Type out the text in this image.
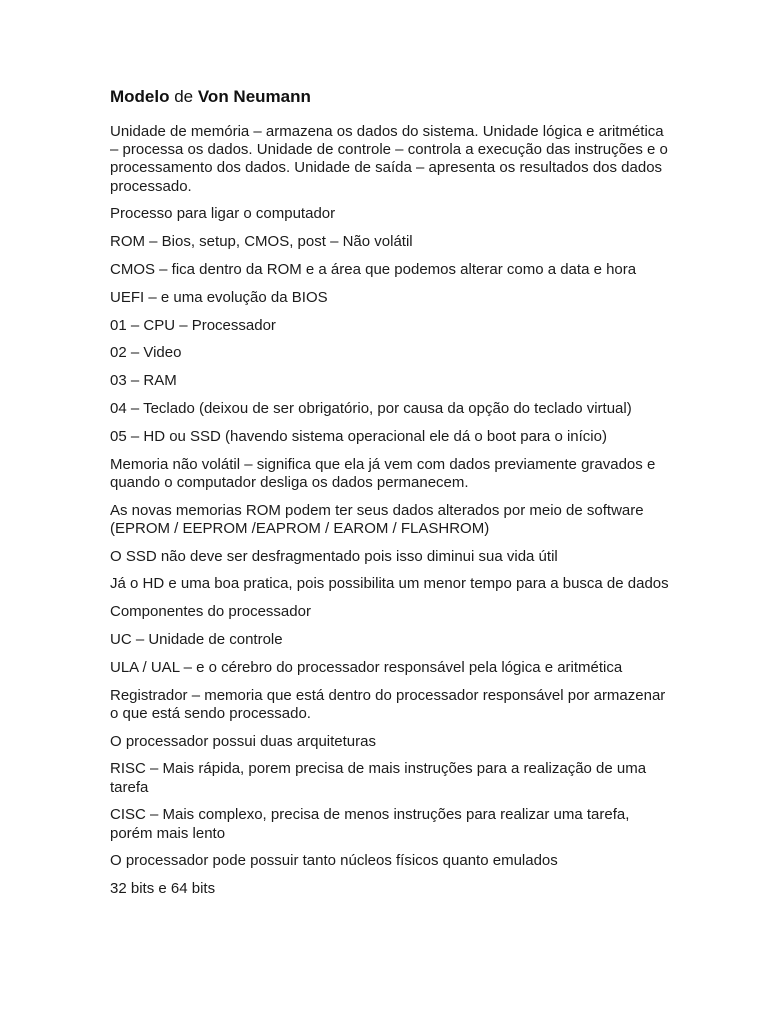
Modelo de Von Neumann

Unidade de memória – armazena os dados do sistema. Unidade lógica e aritmética – processa os dados. Unidade de controle – controla a execução das instruções e o processamento dos dados. Unidade de saída – apresenta os resultados dos dados processado.

Processo para ligar o computador

ROM – Bios, setup, CMOS, post – Não volátil

CMOS – fica dentro da ROM e a área que podemos alterar como a data e hora

UEFI – e uma evolução da BIOS

01 – CPU – Processador

02 – Video

03 – RAM

04 – Teclado (deixou de ser obrigatório, por causa da opção do teclado virtual)

05 – HD ou SSD (havendo sistema operacional ele dá o boot para o início)

Memoria não volátil – significa que ela já vem com dados previamente gravados e quando o computador desliga os dados permanecem.

As novas memorias ROM podem ter seus dados alterados por meio de software (EPROM / EEPROM /EAPROM / EAROM / FLASHROM)

O SSD não deve ser desfragmentado pois isso diminui sua vida útil

Já o HD e uma boa pratica, pois possibilita um menor tempo para a busca de dados

Componentes do processador

UC – Unidade de controle

ULA / UAL – e o cérebro do processador responsável pela lógica e aritmética

Registrador – memoria que está dentro do processador responsável por armazenar o que está sendo processado.

O processador possui duas arquiteturas

RISC – Mais rápida, porem precisa de mais instruções para a realização de uma tarefa

CISC – Mais complexo, precisa de menos instruções para realizar uma tarefa, porém mais lento

O processador pode possuir tanto núcleos físicos quanto emulados

32 bits e 64 bits
